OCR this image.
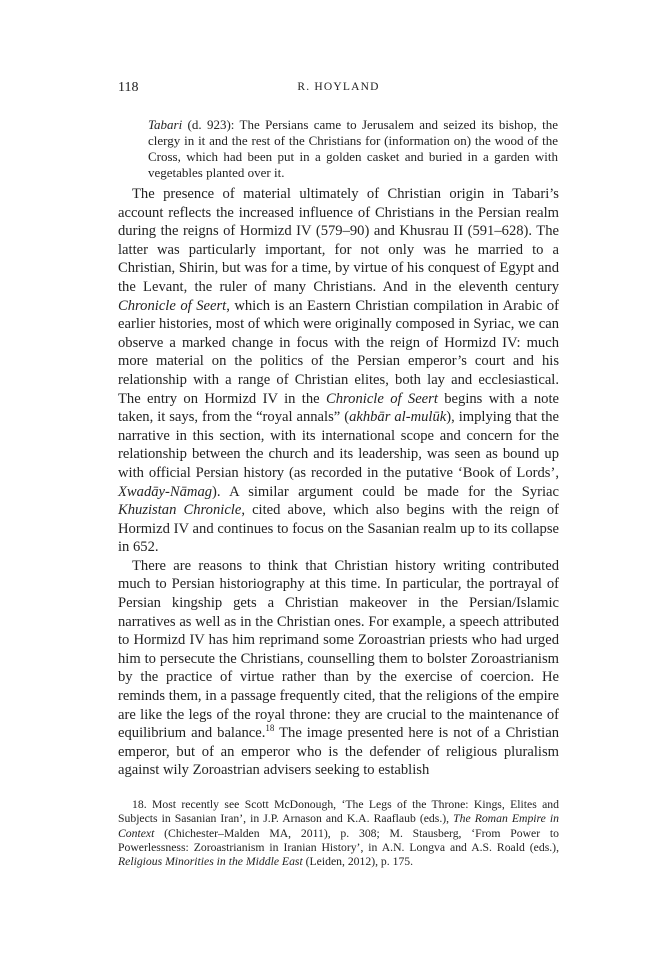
118	R. HOYLAND
Tabari (d. 923): The Persians came to Jerusalem and seized its bishop, the clergy in it and the rest of the Christians for (information on) the wood of the Cross, which had been put in a golden casket and buried in a garden with vegetables planted over it.

The presence of material ultimately of Christian origin in Tabari’s account reflects the increased influence of Christians in the Persian realm during the reigns of Hormizd IV (579–90) and Khusrau II (591–628). The latter was particularly important, for not only was he married to a Christian, Shirin, but was for a time, by virtue of his conquest of Egypt and the Levant, the ruler of many Christians. And in the eleventh century Chronicle of Seert, which is an Eastern Christian compilation in Arabic of earlier histories, most of which were originally composed in Syriac, we can observe a marked change in focus with the reign of Hormizd IV: much more material on the politics of the Persian emperor’s court and his relationship with a range of Christian elites, both lay and ecclesiastical. The entry on Hormizd IV in the Chronicle of Seert begins with a note taken, it says, from the “royal annals” (akhbār al-mulūk), implying that the narrative in this section, with its international scope and concern for the relationship between the church and its leadership, was seen as bound up with official Persian history (as recorded in the putative ‘Book of Lords’, Xwadāy-Nāmag). A similar argument could be made for the Syriac Khuzistan Chronicle, cited above, which also begins with the reign of Hormizd IV and continues to focus on the Sasanian realm up to its collapse in 652.

There are reasons to think that Christian history writing contributed much to Persian historiography at this time. In particular, the portrayal of Persian kingship gets a Christian makeover in the Persian/Islamic narratives as well as in the Christian ones. For example, a speech attributed to Hormizd IV has him reprimand some Zoroastrian priests who had urged him to persecute the Christians, counselling them to bolster Zoroastrianism by the practice of virtue rather than by the exercise of coercion. He reminds them, in a passage frequently cited, that the religions of the empire are like the legs of the royal throne: they are crucial to the maintenance of equilibrium and balance.$^{18}$ The image presented here is not of a Christian emperor, but of an emperor who is the defender of religious pluralism against wily Zoroastrian advisers seeking to establish

18. Most recently see Scott McDonough, ‘The Legs of the Throne: Kings, Elites and Subjects in Sasanian Iran’, in J.P. Arnason and K.A. Raaflaub (eds.), The Roman Empire in Context (Chichester–Malden MA, 2011), p. 308; M. Stausberg, ‘From Power to Powerlessness: Zoroastrianism in Iranian History’, in A.N. Longva and A.S. Roald (eds.), Religious Minorities in the Middle East (Leiden, 2012), p. 175.
